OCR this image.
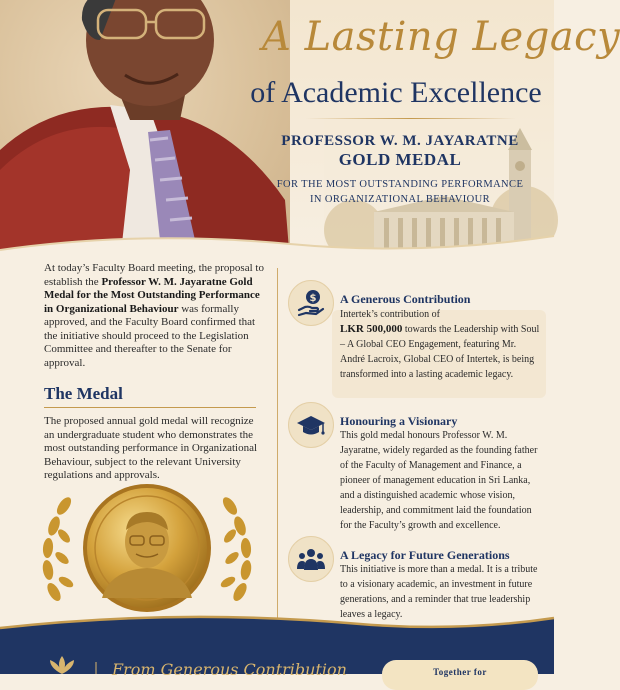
A Lasting Legacy
of Academic Excellence
PROFESSOR W. M. JAYARATNE
GOLD MEDAL
FOR THE MOST OUTSTANDING PERFORMANCE
IN ORGANIZATIONAL BEHAVIOUR

At today’s Faculty Board meeting, the proposal to establish the Professor W. M. Jayaratne Gold Medal for the Most Outstanding Performance in Organizational Behaviour was formally approved, and the Faculty Board confirmed that the initiative should proceed to the Legislation Committee and thereafter to the Senate for approval.

The Medal

The proposed annual gold medal will recognize an undergraduate student who demonstrates the most outstanding performance in Organizational Behaviour, subject to the relevant University regulations and approvals.

$ A Generous Contribution

Intertek’s contribution of
LKR 500,000 towards the Leadership with Soul – A Global CEO Engagement, featuring Mr. André Lacroix, Global CEO of Intertek, is being transformed into a lasting academic legacy.

Honouring a Visionary

This gold medal honours Professor W. M. Jayaratne, widely regarded as the founding father of the Faculty of Management and Finance, a pioneer of management education in Sri Lanka, and a distinguished academic whose vision, leadership, and commitment laid the foundation for the Faculty’s growth and excellence.

A Legacy for Future Generations

This initiative is more than a medal. It is a tribute to a visionary academic, an investment in future generations, and a reminder that true leadership leaves a legacy.

From Generous Contribution	Together for
